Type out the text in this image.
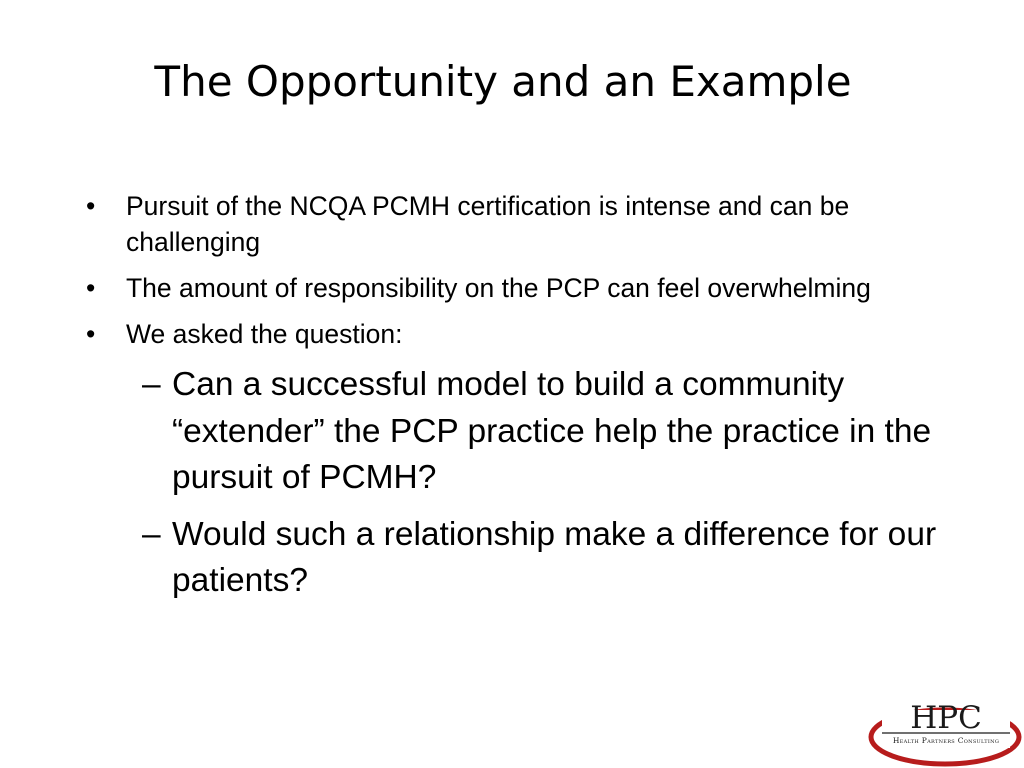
The Opportunity and an Example
• Pursuit of the NCQA PCMH certification is intense and can be challenging
• The amount of responsibility on the PCP can feel overwhelming
• We asked the question:
– Can a successful model to build a community “extender” the PCP practice help the practice in the pursuit of PCMH?
– Would such a relationship make a difference for our patients?
HPC
Health Partners Consulting
